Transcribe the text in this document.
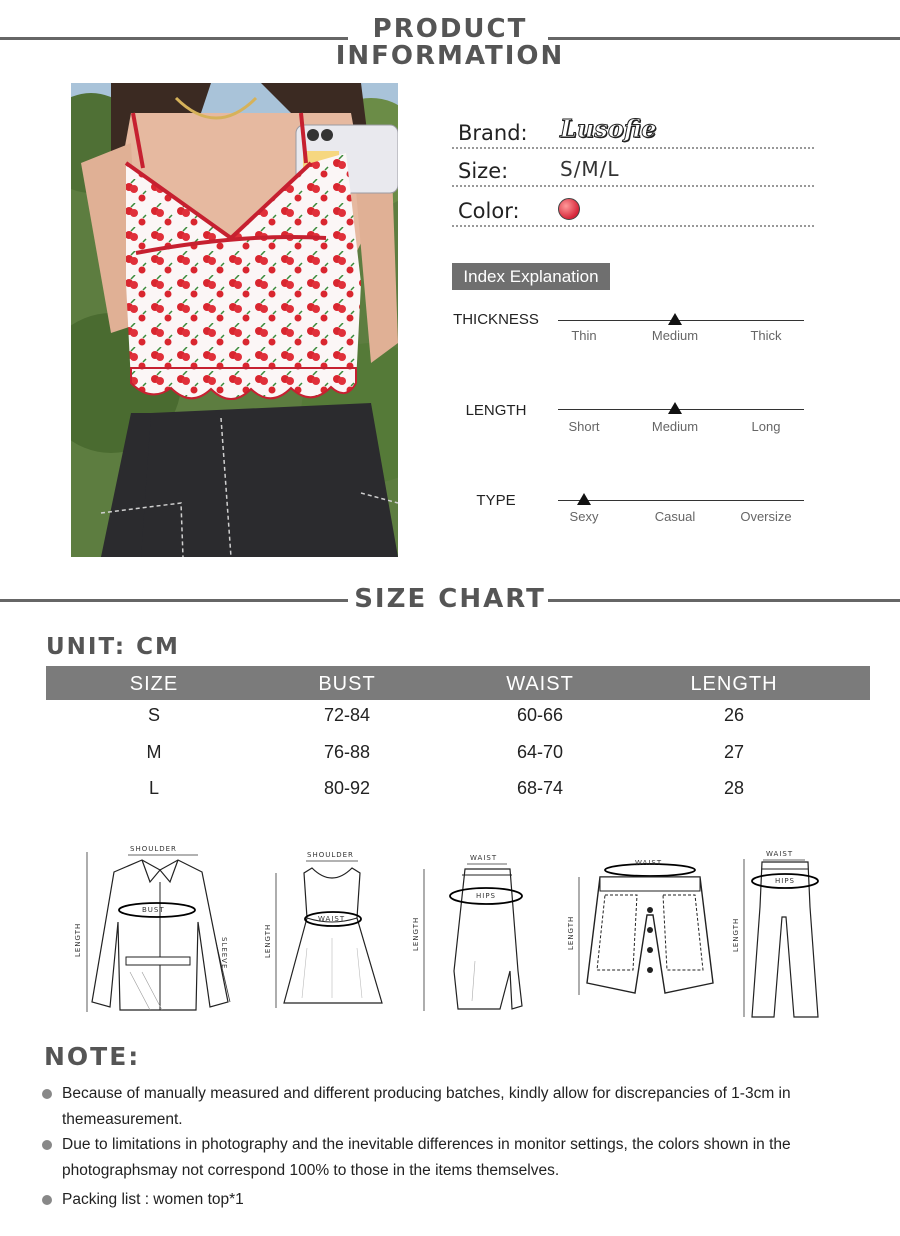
PRODUCT
INFORMATION
Brand: Lusofie
Size:	S/M/L
Color:
Index Explanation
THICKNESS
Thin	Medium	Thick
LENGTH
Short	Medium	Long
TYPE
Sexy	Casual	Oversize
SIZE CHART
UNIT: CM
SIZE	BUST	WAIST	LENGTH
S	72-84	60-66	26
M	76-88	64-70	27
L	80-92	68-74	28
SHOULDER
LENGTH	SLEEVE
BUST
SHOULDER
LENGTH
WAIST
WAIST
LENGTH
HIPS
WAIST
LENGTH
WAIST
LENGTH
HIPS
NOTE:
Because of manually measured and different producing batches, kindly allow for discrepancies of 1-3cm in themeasurement.
Due to limitations in photography and the inevitable differences in monitor settings, the colors shown in the photographsmay not correspond 100% to those in the items themselves.
Packing list : women top*1
